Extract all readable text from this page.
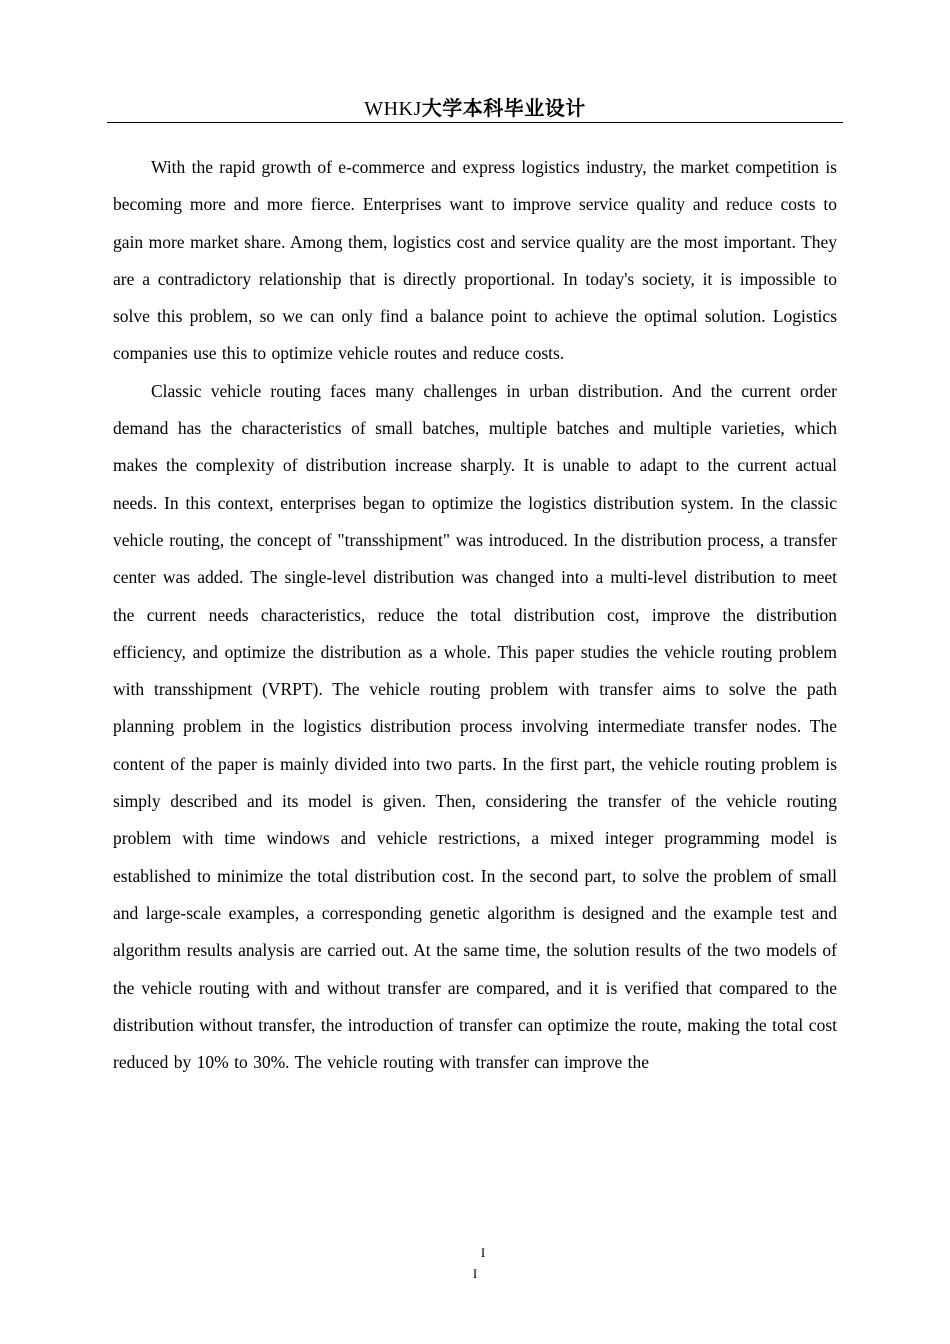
WHKJ大学本科毕业设计

With the rapid growth of e-commerce and express logistics industry, the market competition is becoming more and more fierce. Enterprises want to improve service quality and reduce costs to gain more market share. Among them, logistics cost and service quality are the most important. They are a contradictory relationship that is directly proportional. In today's society, it is impossible to solve this problem, so we can only find a balance point to achieve the optimal solution. Logistics companies use this to optimize vehicle routes and reduce costs.

Classic vehicle routing faces many challenges in urban distribution. And the current order demand has the characteristics of small batches, multiple batches and multiple varieties, which makes the complexity of distribution increase sharply. It is unable to adapt to the current actual needs. In this context, enterprises began to optimize the logistics distribution system. In the classic vehicle routing, the concept of "transshipment" was introduced. In the distribution process, a transfer center was added. The single-level distribution was changed into a multi-level distribution to meet the current needs characteristics, reduce the total distribution cost, improve the distribution efficiency, and optimize the distribution as a whole. This paper studies the vehicle routing problem with transshipment (VRPT). The vehicle routing problem with transfer aims to solve the path planning problem in the logistics distribution process involving intermediate transfer nodes. The content of the paper is mainly divided into two parts. In the first part, the vehicle routing problem is simply described and its model is given. Then, considering the transfer of the vehicle routing problem with time windows and vehicle restrictions, a mixed integer programming model is established to minimize the total distribution cost. In the second part, to solve the problem of small and large-scale examples, a corresponding genetic algorithm is designed and the example test and algorithm results analysis are carried out. At the same time, the solution results of the two models of the vehicle routing with and without transfer are compared, and it is verified that compared to the distribution without transfer, the introduction of transfer can optimize the route, making the total cost reduced by 10% to 30%. The vehicle routing with transfer can improve the

I
I
